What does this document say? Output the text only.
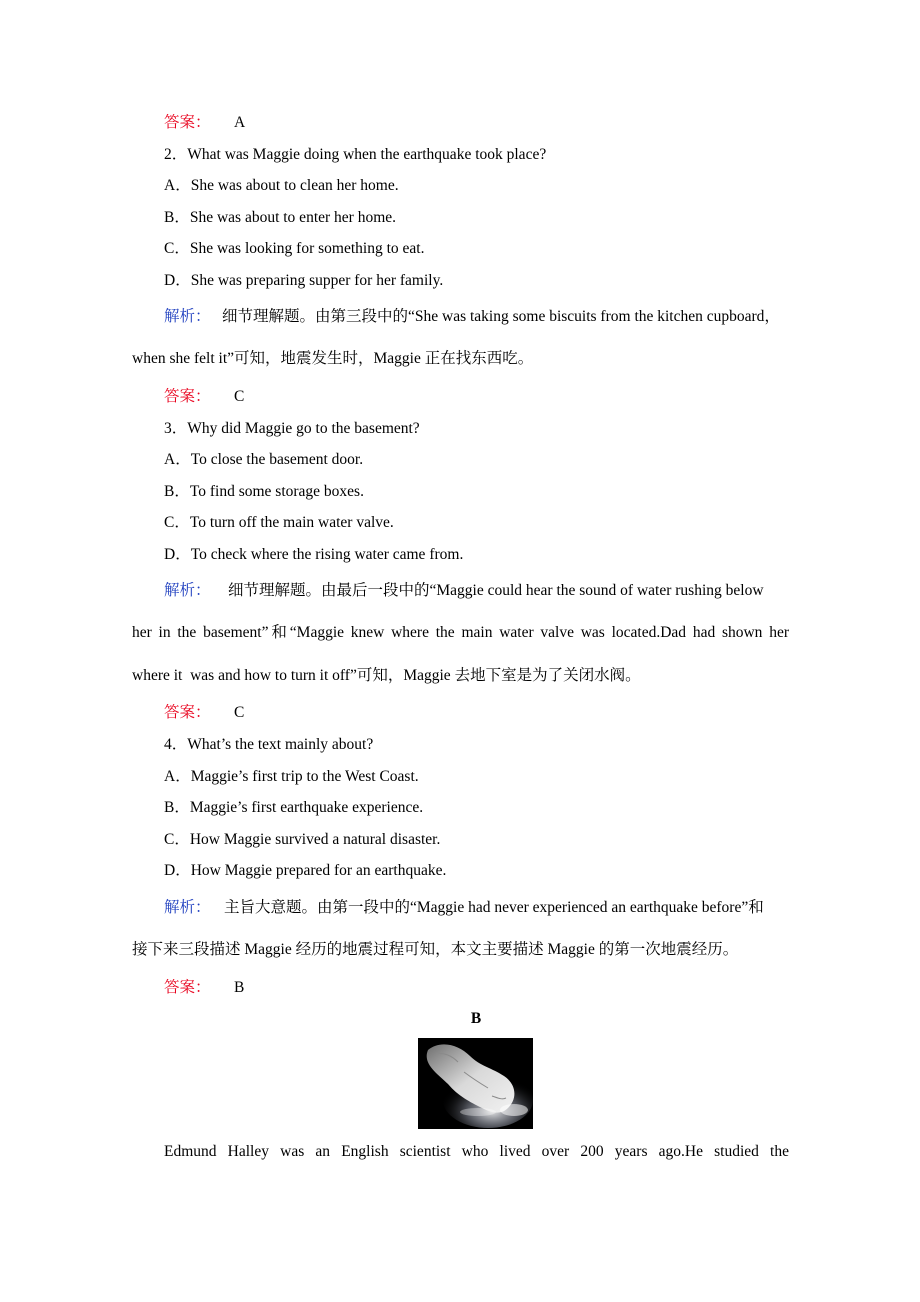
答案： A
2．What was Maggie doing when the earthquake took place?
A．She was about to clean her home.
B．She was about to enter her home.
C．She was looking for something to eat.
D．She was preparing supper for her family.
解析： 细节理解题。由第三段中的“She was taking some biscuits from the kitchen cupboard，
when she felt it”可知，地震发生时，Maggie 正在找东西吃。
答案： C
3．Why did Maggie go to the basement?
A．To close the basement door.
B．To find some storage boxes.
C．To turn off the main water valve.
D．To check where the rising water came from.
解析： 细节理解题。由最后一段中的“Maggie could hear the sound of water rushing below
her in the basement”和“Maggie knew where the main water valve was located.Dad had shown her
where it  was and how to turn it off”可知，Maggie 去地下室是为了关闭水阀。
答案： C
4．What’s the text mainly about?
A．Maggie’s first trip to the West Coast.
B．Maggie’s first earthquake experience.
C．How Maggie survived a natural disaster.
D．How Maggie prepared for an earthquake.
解析： 主旨大意题。由第一段中的“Maggie had never experienced an earthquake before”和
接下来三段描述 Maggie 经历的地震过程可知，本文主要描述 Maggie 的第一次地震经历。
答案： B
B
Edmund Halley was an English scientist who lived over 200 years ago.He studied the
